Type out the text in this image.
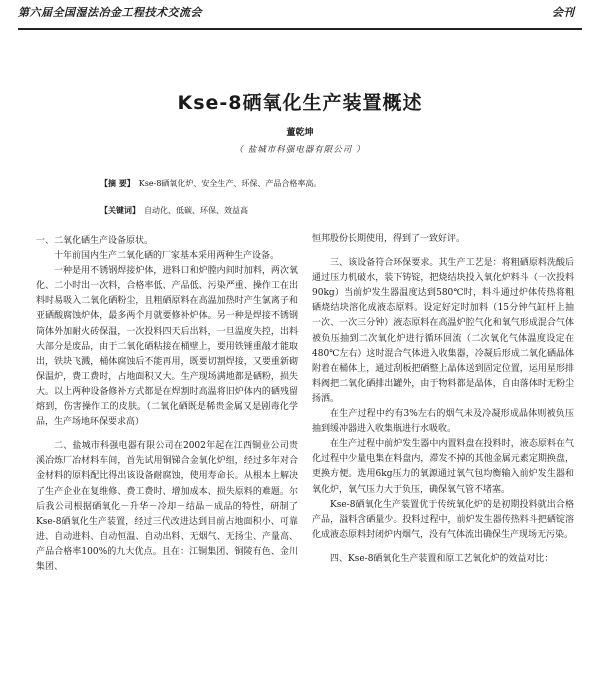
第六届全国湿法冶金工程技术交流会	会刊
Kse-8硒氧化生产装置概述
董乾坤
（ 盐城市科强电器有限公司 ）
【摘 要】 Kse-8硒氧化炉、安全生产、环保、产品合格率高。
【关键词】 自动化、低碳、环保、效益高

一、二氧化硒生产设备原状。

十年前国内生产二氧化硒的厂家基本采用两种生产设备。

一种是用不锈钢焊接炉体，进料口和炉膛内间时加料，两次氧化、二小时出一次料，合格率低、产品低、污染严重、操作工在出料时易吸入二氧化硒粉尘，且粗硒原料在高温加热时产生氯离子和亚硒酸腐蚀炉体，最多两个月就要修补炉体。另一种是焊接不锈钢筒体外加耐火砖保温，一次投料四天后出料，一旦温度失控，出料大部分是废品，由于二氧化硒粘接在桶壁上，要用铁锤重敲才能取出，铁块飞溅，桶体腐蚀后不能再用，既要切割焊接，又要重新砌保温炉，费工费时，占地面积又大。生产现场满地都是硒粉，损失大。以上两种设备修补方式都是在焊割时高温将旧炉体内的硒残留熔到，伤害操作工的皮肤。（二氧化硒既是稀贵金属又是剧毒化学品，生产场地环保要求高）

二、盐城市科强电器有限公司在2002年起在江西铜业公司贵溪冶炼厂冶材料车间，首先试用铜锑合金氧化炉组，经过多年对合金材料的原料配比得出该设备耐腐蚀，使用寿命长。从根本上解决了生产企业在复维修、费工费时、增加成本、损失原料的难题。尔后我公司根据硒氧化－升华－冷却－结晶－成品的特性，研制了Kse-8硒氧化生产装置，经过三代改进达到目前占地面积小、可靠进、自动进料、自动恒温、自动出料、无烟气、无扬尘、产量高、产品合格率100%的九大优点。且在：江铜集团、铜陵有色、金川集团、

恒邦股份长期使用，得到了一致好评。

三、该设备符合环保要求。其生产工艺是：将粗硒原料洗酸后通过压力机破水，装下铸锭，把烧结块投入氧化炉料斗（一次投料90kg）当前炉发生器温度达到580℃时，料斗通过炉体传热将粗硒烧结块溶化成液态原料。设定好定时加料（15分钟气缸杆上抽一次、一次三分钟）液态原料在高温炉腔气化和氧气形成混合气体被负压抽到二次氧化炉进行循环回流（二次氧化气体温度设定在480℃左右）这时混合气体进入收集器，冷凝后形成二氧化硒晶体附着在桶体上，通过刮板把硒整上晶体送到固定位置，运用星形排料阀把二氧化硒排出罐外，由于物料都是晶体，自由落体时无粉尘扬洒。

在生产过程中约有3%左右的烟气未及冷凝形成晶体则被负压抽到缓冲器进入收集瓶进行水吸收。

在生产过程中前炉发生器中内置料盘在投料时，液态原料在气化过程中少量电集在料盘内，滞发不掉的其他金属元素定期换盘，更换方便。选用6kg压力的氧源通过氧气包均衡输入前炉发生器和氧化炉，氧气压力大于负压，确保氧气管不堵塞。

Kse-8硒氧化生产装置优于传统氧化炉的是初期投料就出合格产品，溢料含硒量少。投料过程中，前炉发生器传热料斗把硒锭溶化成液态原料封闭炉内烟气，没有气体流出确保生产现场无污染。

四、Kse-8硒氧化生产装置和原工艺氧化炉的效益对比：
